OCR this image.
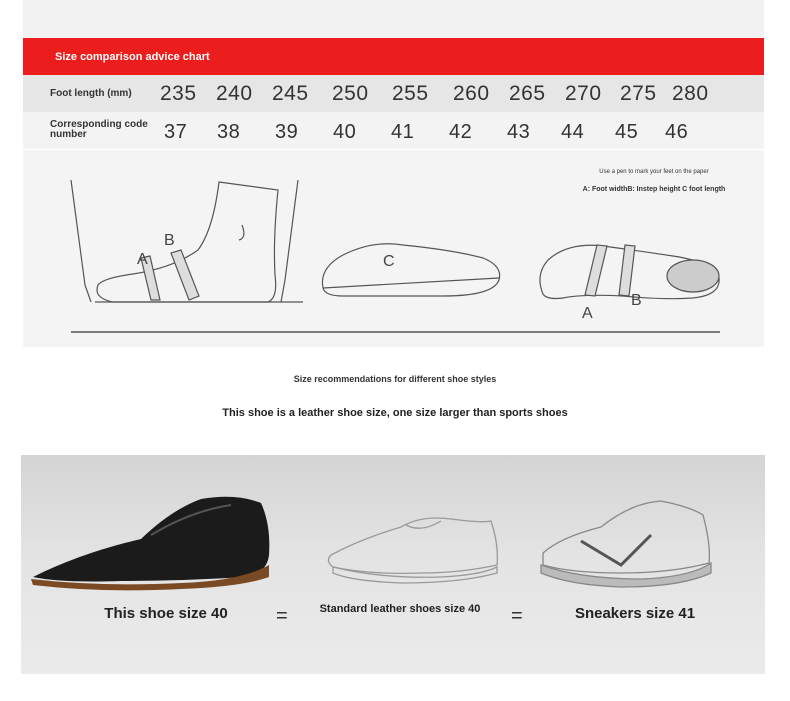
Size comparison advice chart
Foot length (mm) 235 240 245 250 255 260 265 270 275 280
Corresponding code number	37 38 39 40 41 42 43 44 45 46
A
B
C
A
B
Use a pen to mark your feet on the paper
A: Foot widthB: Instep height C foot length
Size recommendations for different shoe styles
This shoe is a leather shoe size, one size larger than sports shoes
This shoe size 40	=	Standard leather shoes size 40 =	Sneakers size 41
